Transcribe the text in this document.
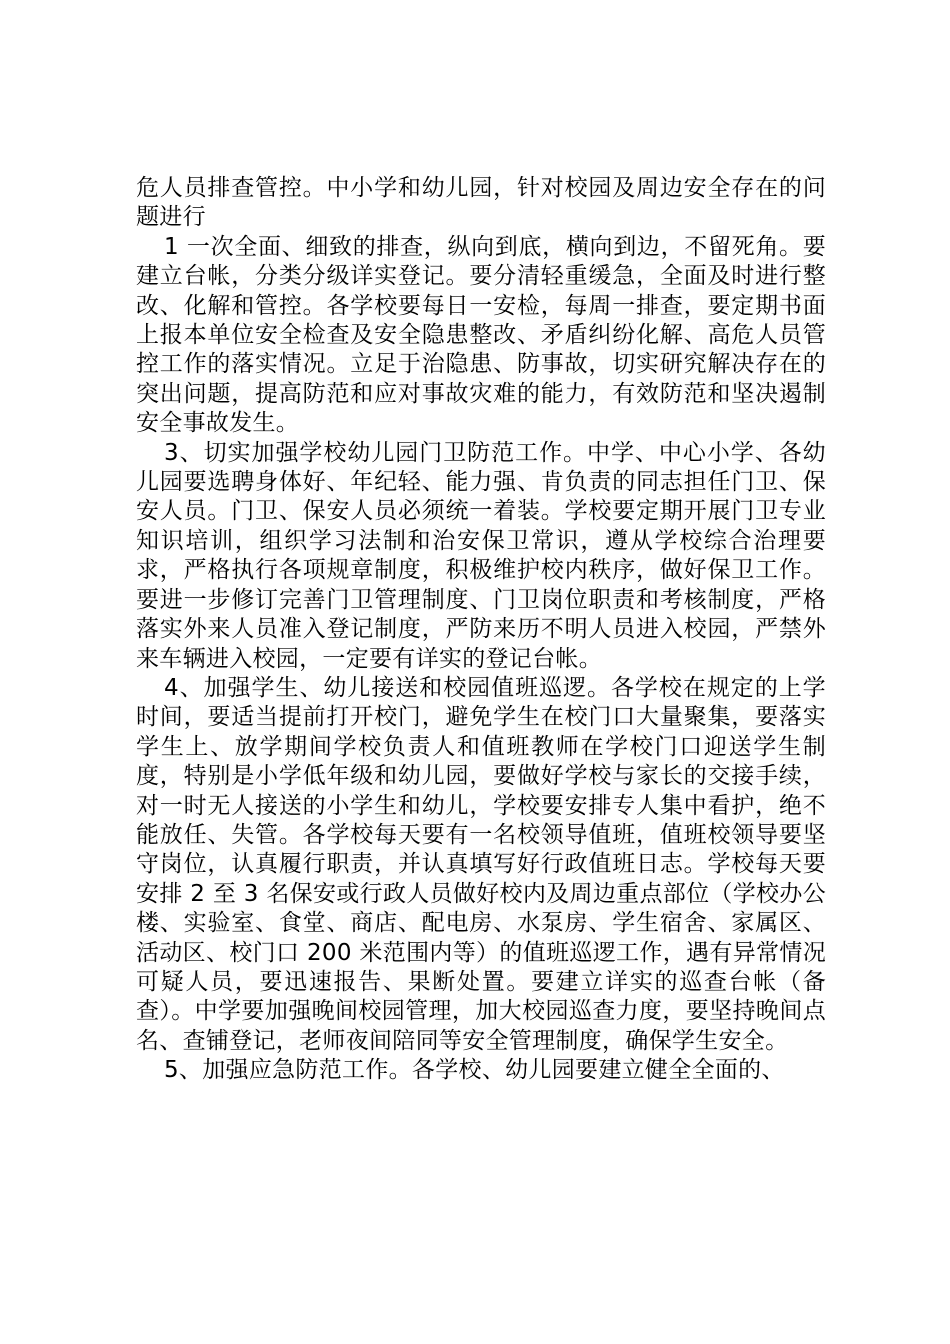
危人员排查管控。中小学和幼儿园，针对校园及周边安全存在的问题进行

1 一次全面、细致的排查，纵向到底，横向到边，不留死角。要建立台帐，分类分级详实登记。要分清轻重缓急，全面及时进行整改、化解和管控。各学校要每日一安检，每周一排查，要定期书面上报本单位安全检查及安全隐患整改、矛盾纠纷化解、高危人员管控工作的落实情况。立足于治隐患、防事故，切实研究解决存在的突出问题，提高防范和应对事故灾难的能力，有效防范和坚决遏制安全事故发生。

3、切实加强学校幼儿园门卫防范工作。中学、中心小学、各幼儿园要选聘身体好、年纪轻、能力强、肯负责的同志担任门卫、保安人员。门卫、保安人员必须统一着装。学校要定期开展门卫专业知识培训，组织学习法制和治安保卫常识，遵从学校综合治理要求，严格执行各项规章制度，积极维护校内秩序，做好保卫工作。要进一步修订完善门卫管理制度、门卫岗位职责和考核制度，严格落实外来人员准入登记制度，严防来历不明人员进入校园，严禁外来车辆进入校园，一定要有详实的登记台帐。

4、加强学生、幼儿接送和校园值班巡逻。各学校在规定的上学时间，要适当提前打开校门，避免学生在校门口大量聚集，要落实学生上、放学期间学校负责人和值班教师在学校门口迎送学生制度，特别是小学低年级和幼儿园，要做好学校与家长的交接手续，对一时无人接送的小学生和幼儿，学校要安排专人集中看护，绝不能放任、失管。各学校每天要有一名校领导值班，值班校领导要坚守岗位，认真履行职责，并认真填写好行政值班日志。学校每天要安排 2 至 3 名保安或行政人员做好校内及周边重点部位（学校办公楼、实验室、食堂、商店、配电房、水泵房、学生宿舍、家属区、活动区、校门口 200 米范围内等）的值班巡逻工作，遇有异常情况可疑人员，要迅速报告、果断处置。要建立详实的巡查台帐（备查）。中学要加强晚间校园管理，加大校园巡查力度，要坚持晚间点名、查铺登记，老师夜间陪同等安全管理制度，确保学生安全。

5、加强应急防范工作。各学校、幼儿园要建立健全全面的、
